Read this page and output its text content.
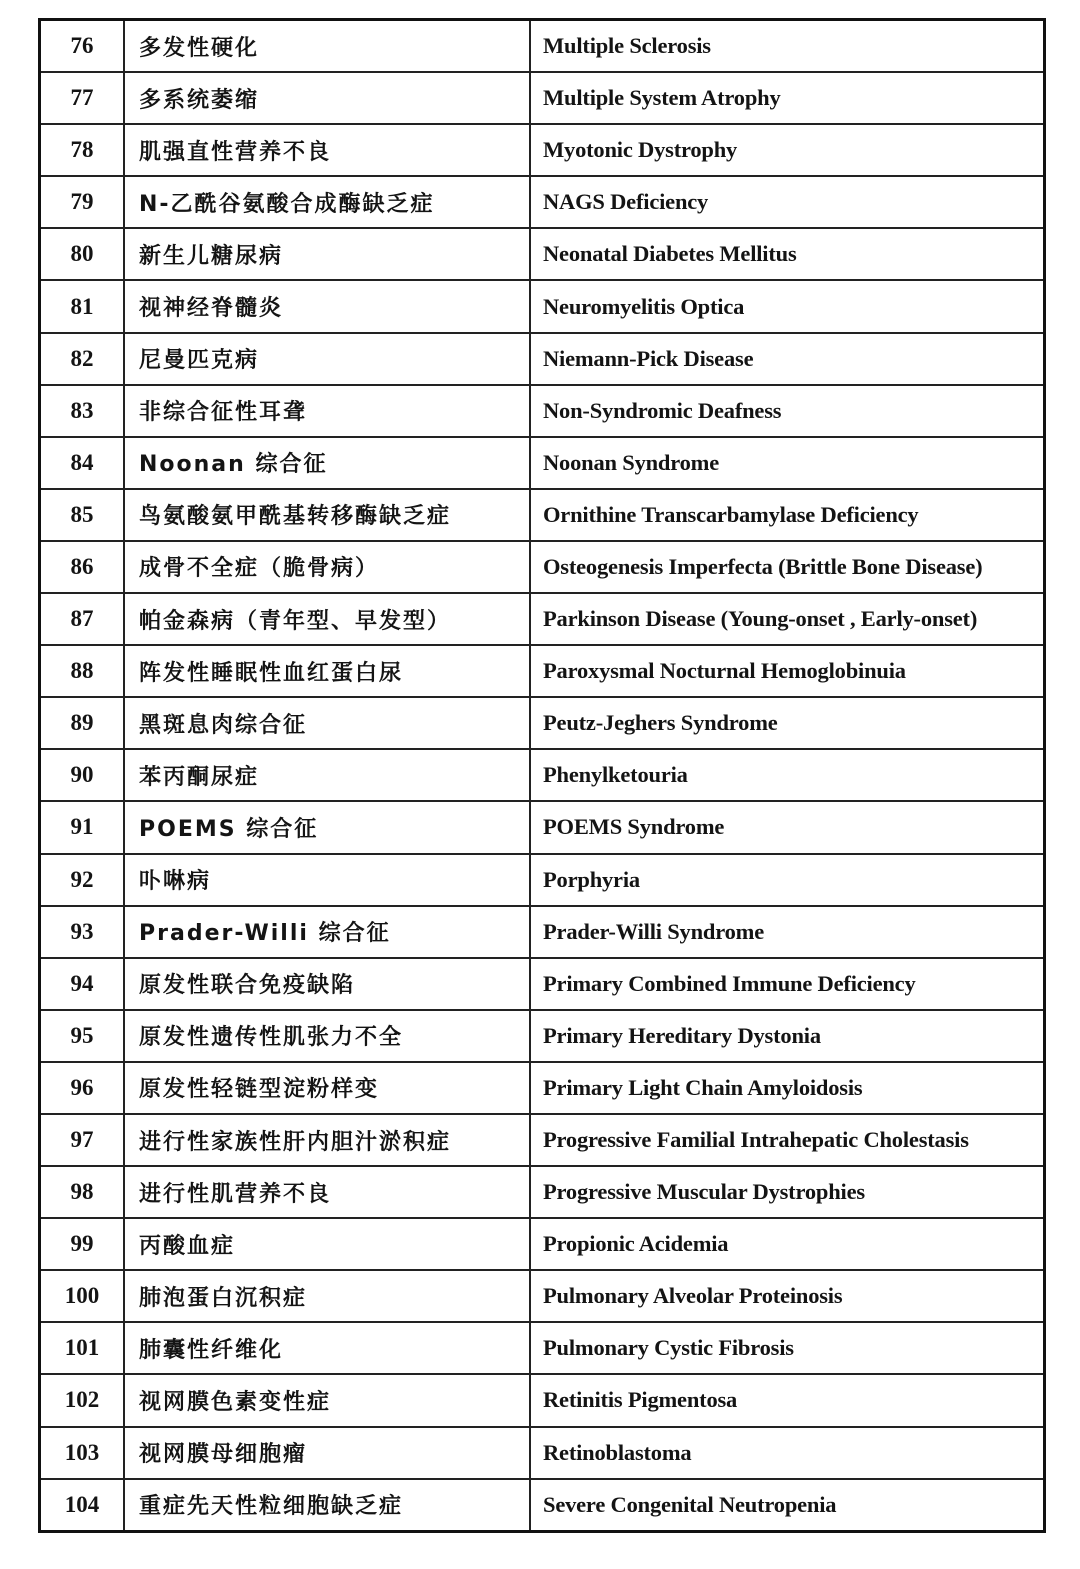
76	多发性硬化	Multiple Sclerosis
77	多系统萎缩	Multiple System Atrophy
78	肌强直性营养不良	Myotonic Dystrophy
79	N-乙酰谷氨酸合成酶缺乏症	NAGS Deficiency
80	新生儿糖尿病	Neonatal Diabetes Mellitus
81	视神经脊髓炎	Neuromyelitis Optica
82	尼曼匹克病	Niemann-Pick Disease
83	非综合征性耳聋	Non-Syndromic Deafness
84	Noonan 综合征	Noonan Syndrome
85	鸟氨酸氨甲酰基转移酶缺乏症	Ornithine Transcarbamylase Deficiency
86	成骨不全症（脆骨病）	Osteogenesis Imperfecta (Brittle Bone Disease)
87	帕金森病（青年型、早发型）	Parkinson Disease (Young-onset , Early-onset)
88	阵发性睡眠性血红蛋白尿	Paroxysmal Nocturnal Hemoglobinuia
89	黑斑息肉综合征	Peutz-Jeghers Syndrome
90	苯丙酮尿症	Phenylketouria
91	POEMS 综合征	POEMS Syndrome
92	卟啉病	Porphyria
93	Prader-Willi 综合征	Prader-Willi Syndrome
94	原发性联合免疫缺陷	Primary Combined Immune Deficiency
95	原发性遗传性肌张力不全	Primary Hereditary Dystonia
96	原发性轻链型淀粉样变	Primary Light Chain Amyloidosis
97	进行性家族性肝内胆汁淤积症	Progressive Familial Intrahepatic Cholestasis
98	进行性肌营养不良	Progressive Muscular Dystrophies
99	丙酸血症	Propionic Acidemia
100	肺泡蛋白沉积症	Pulmonary Alveolar Proteinosis
101	肺囊性纤维化	Pulmonary Cystic Fibrosis
102	视网膜色素变性症	Retinitis Pigmentosa
103	视网膜母细胞瘤	Retinoblastoma
104	重症先天性粒细胞缺乏症	Severe Congenital Neutropenia
